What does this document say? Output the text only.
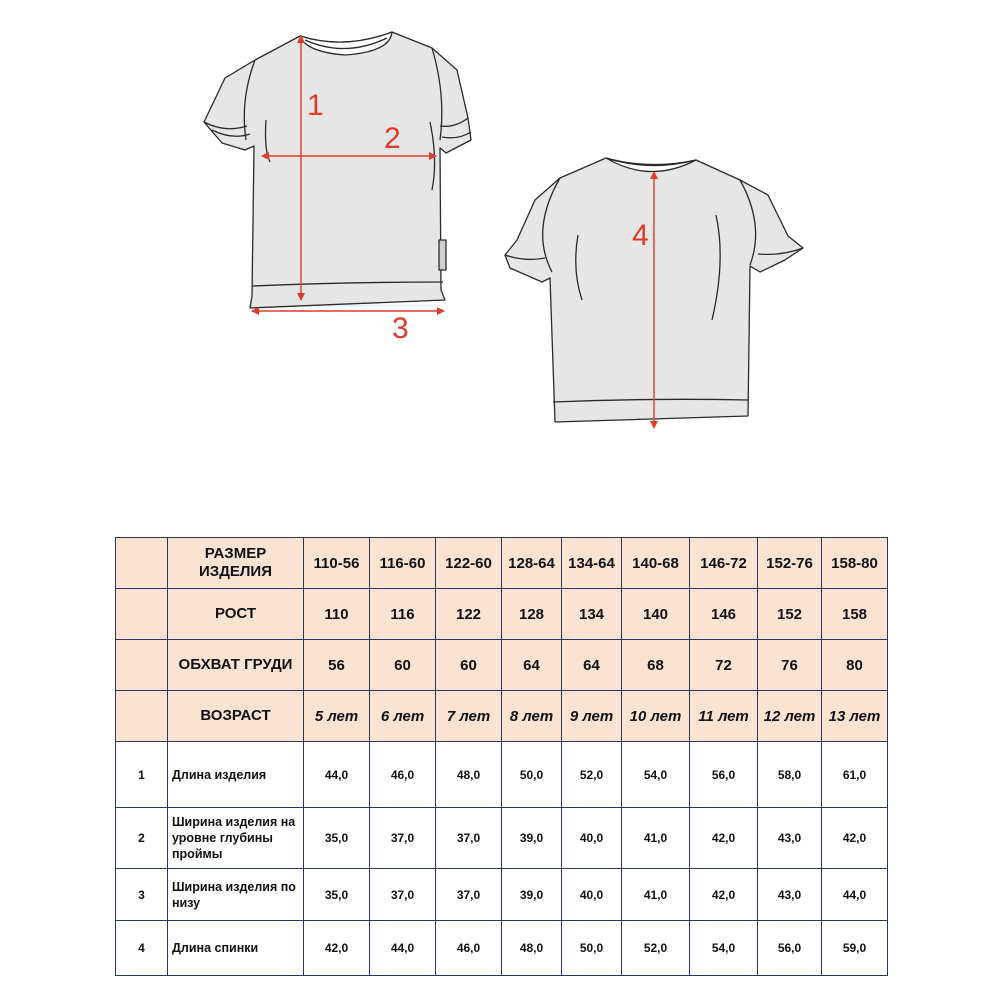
1
2
3
4
	РАЗМЕР ИЗДЕЛИЯ	110-56	116-60	122-60	128-64	134-64	140-68	146-72	152-76	158-80
	РОСТ	110	116	122	128	134	140	146	152	158
	ОБХВАТ ГРУДИ	56	60	60	64	64	68	72	76	80
	ВОЗРАСТ	5 лет	6 лет	7 лет	8 лет	9 лет	10 лет	11 лет	12 лет	13 лет
1	Длина изделия	44,0	46,0	48,0	50,0	52,0	54,0	56,0	58,0	61,0
2	Ширина изделия на уровне глубины проймы	35,0	37,0	37,0	39,0	40,0	41,0	42,0	43,0	42,0
3	Ширина изделия по низу	35,0	37,0	37,0	39,0	40,0	41,0	42,0	43,0	44,0
4	Длина спинки	42,0	44,0	46,0	48,0	50,0	52,0	54,0	56,0	59,0
